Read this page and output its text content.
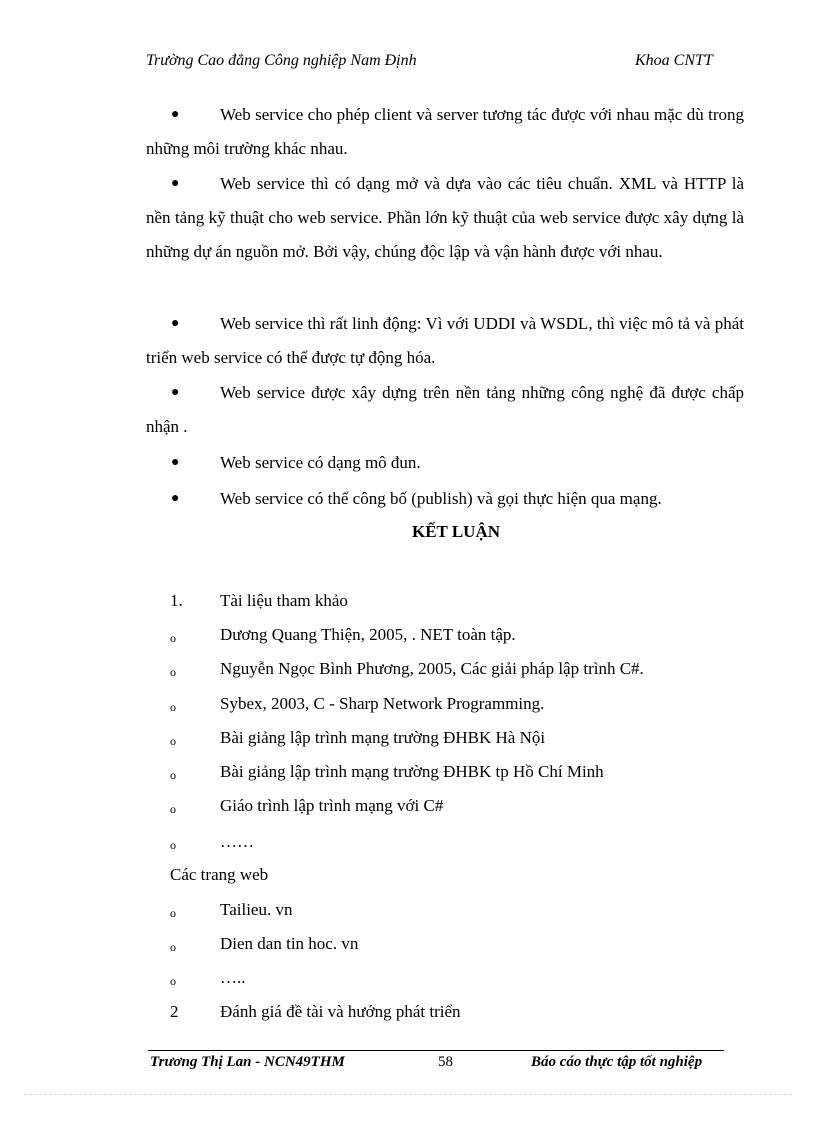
Trường Cao đẳng Công nghiệp Nam Định	Khoa CNTT
●	Web service cho phép client và server tương tác được với nhau mặc dù trong những môi trường khác nhau.
●	Web service thì có dạng mở và dựa vào các tiêu chuẩn. XML và HTTP là nền tảng kỹ thuật cho web service. Phần lớn kỹ thuật của web service được xây dựng là những dự án nguồn mở. Bởi vậy, chúng độc lập và vận hành được với nhau.
●	Web service thì rất linh động: Vì với UDDI và WSDL, thì việc mô tả và phát triển web service có thể được tự động hóa.
●	Web service được xây dựng trên nền tảng những công nghệ đã được chấp nhận .
●	Web service có dạng mô đun.
●	Web service có thể công bố (publish) và gọi thực hiện qua mạng.
KẾT LUẬN
1. Tài liệu tham khảo
o	Dương Quang Thiện, 2005, . NET toàn tập.
o	Nguyễn Ngọc Bình Phương, 2005, Các giải pháp lập trình C#.
o	Sybex, 2003, C - Sharp Network Programming.
o	Bài giảng lập trình mạng trường ĐHBK Hà Nội
o	Bài giảng lập trình mạng trường ĐHBK tp Hồ Chí Minh
o	Giáo trình lập trình mạng với C#
o	……
Các trang web
o	Tailieu. vn
o	Dien dan tin hoc. vn
o	…..
2 Đánh giá đề tài và hướng phát triển
Trương Thị Lan - NCN49THM	58	Báo cáo thực tập tốt nghiệp
